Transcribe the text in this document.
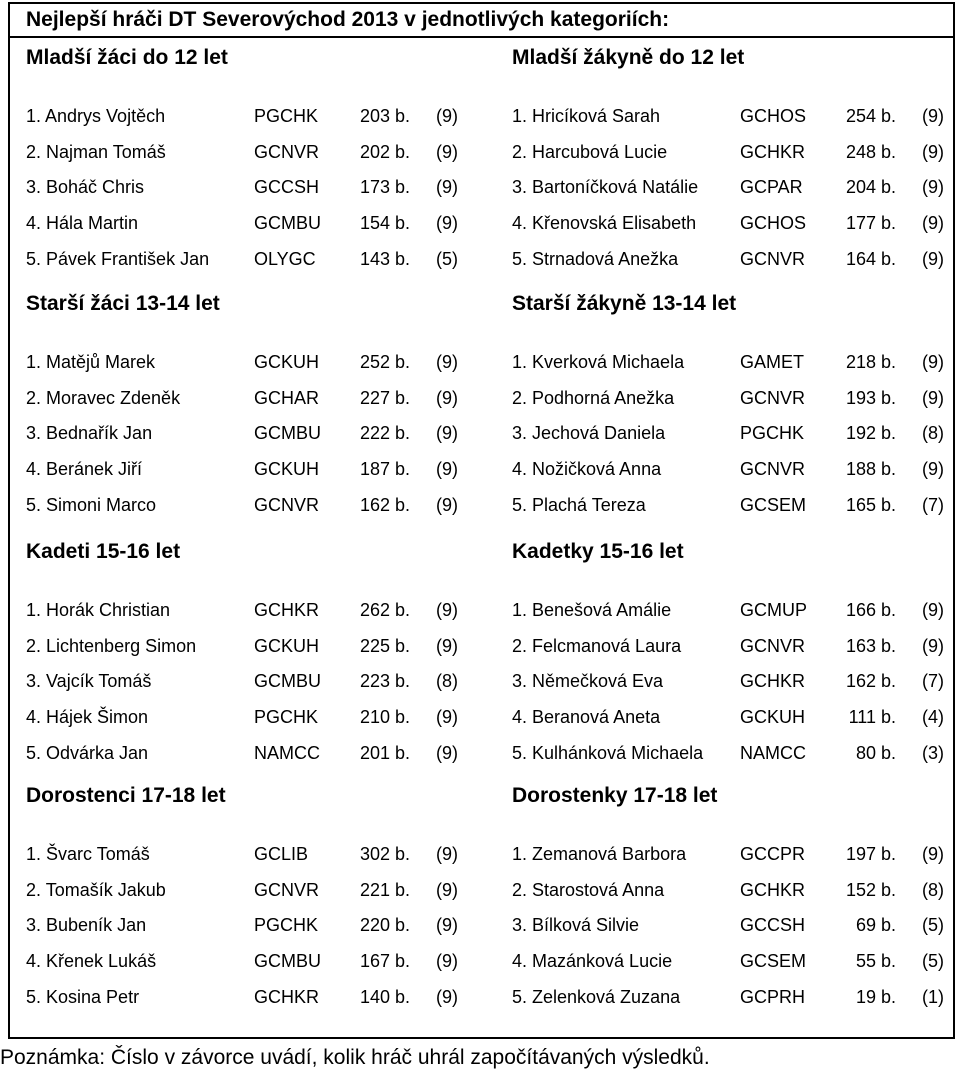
Nejlepší hráči DT Severovýchod 2013 v jednotlivých kategoriích:
Mladší žáci do 12 let
1. Andrys Vojtěch	PGCHK	203 b. (9)
2. Najman Tomáš	GCNVR	202 b. (9)
3. Boháč Chris	GCCSH	173 b. (9)
4. Hála Martin	GCMBU	154 b. (9)
5. Pávek František Jan OLYGC	143 b. (5)
Starší žáci 13-14 let
1. Matějů Marek	GCKUH	252 b. (9)
2. Moravec Zdeněk	GCHAR	227 b. (9)
3. Bednařík Jan	GCMBU	222 b. (9)
4. Beránek Jiří	GCKUH	187 b. (9)
5. Simoni Marco	GCNVR	162 b. (9)
Kadeti 15-16 let
1. Horák Christian	GCHKR	262 b. (9)
2. Lichtenberg Simon	GCKUH	225 b. (9)
3. Vajcík Tomáš	GCMBU	223 b. (8)
4. Hájek Šimon	PGCHK	210 b. (9)
5. Odvárka Jan	NAMCC	201 b. (9)
Dorostenci 17-18 let
1. Švarc Tomáš	GCLIB	302 b. (9)
2. Tomašík Jakub	GCNVR	221 b. (9)
3. Bubeník Jan	PGCHK	220 b. (9)
4. Křenek Lukáš	GCMBU	167 b. (9)
5. Kosina Petr	GCHKR	140 b. (9)
Mladší žákyně do 12 let
1. Hricíková Sarah	GCHOS	254 b. (9)
2. Harcubová Lucie	GCHKR	248 b. (9)
3. Bartoníčková Natálie GCPAR	204 b. (9)
4. Křenovská Elisabeth GCHOS	177 b. (9)
5. Strnadová Anežka	GCNVR	164 b. (9)
Starší žákyně 13-14 let
1. Kverková Michaela	GAMET	218 b. (9)
2. Podhorná Anežka	GCNVR	193 b. (9)
3. Jechová Daniela	PGCHK	192 b. (8)
4. Nožičková Anna	GCNVR	188 b. (9)
5. Plachá Tereza	GCSEM	165 b. (7)
Kadetky 15-16 let
1. Benešová Amálie	GCMUP	166 b. (9)
2. Felcmanová Laura	GCNVR	163 b. (9)
3. Němečková Eva	GCHKR	162 b. (7)
4. Beranová Aneta	GCKUH	111 b. (4)
5. Kulhánková Michaela NAMCC	80 b. (3)
Dorostenky 17-18 let
1. Zemanová Barbora	GCCPR	197 b. (9)
2. Starostová Anna	GCHKR	152 b. (8)
3. Bílková Silvie	GCCSH	69 b. (5)
4. Mazánková Lucie	GCSEM	55 b. (5)
5. Zelenková Zuzana	GCPRH	19 b. (1)
Poznámka: Číslo v závorce uvádí, kolik hráč uhrál započítávaných výsledků.
